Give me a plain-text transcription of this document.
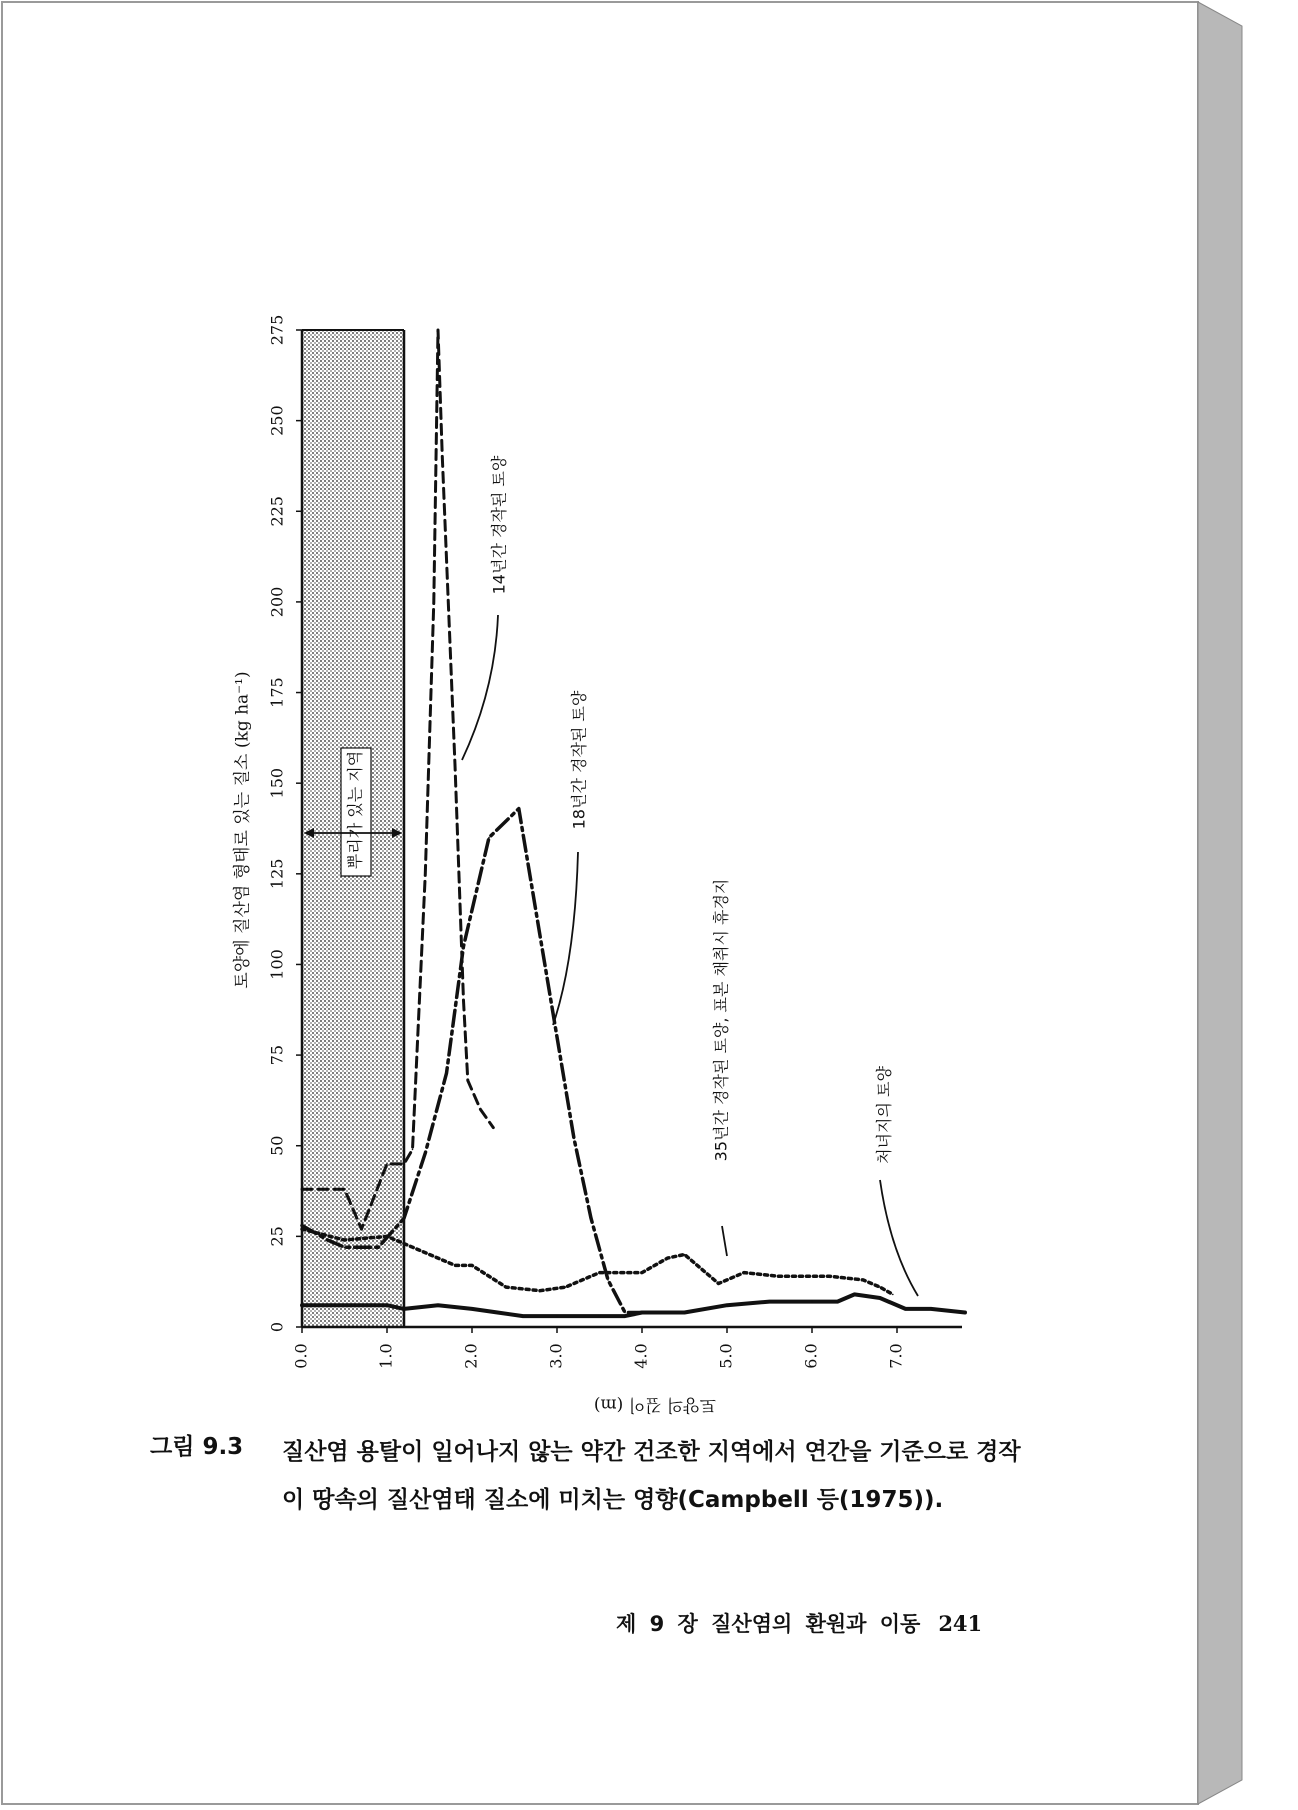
0
25
50
75
100
125
150
175
200
225
250
275
0.0	1.0	2.0	3.0	4.0	5.0	6.0	7.0
토양에 질산염 형태로 있는 질소 (kg ha⁻¹)
토양의 깊이 (m)
14년간 경작된 토양
18년간 경작된 토양
35년간 경작된 토양, 표본 채취시 휴경지	처녀지의 토양
뿌리가 있는 지역
그림 9.3 질산염 용탈이 일어나지 않는 약간 건조한 지역에서 연간을 기준으로 경작이 땅속의 질산염태 질소에 미치는 영향(Campbell 등(1975)).
제 9 장 질산염의 환원과 이동 241
